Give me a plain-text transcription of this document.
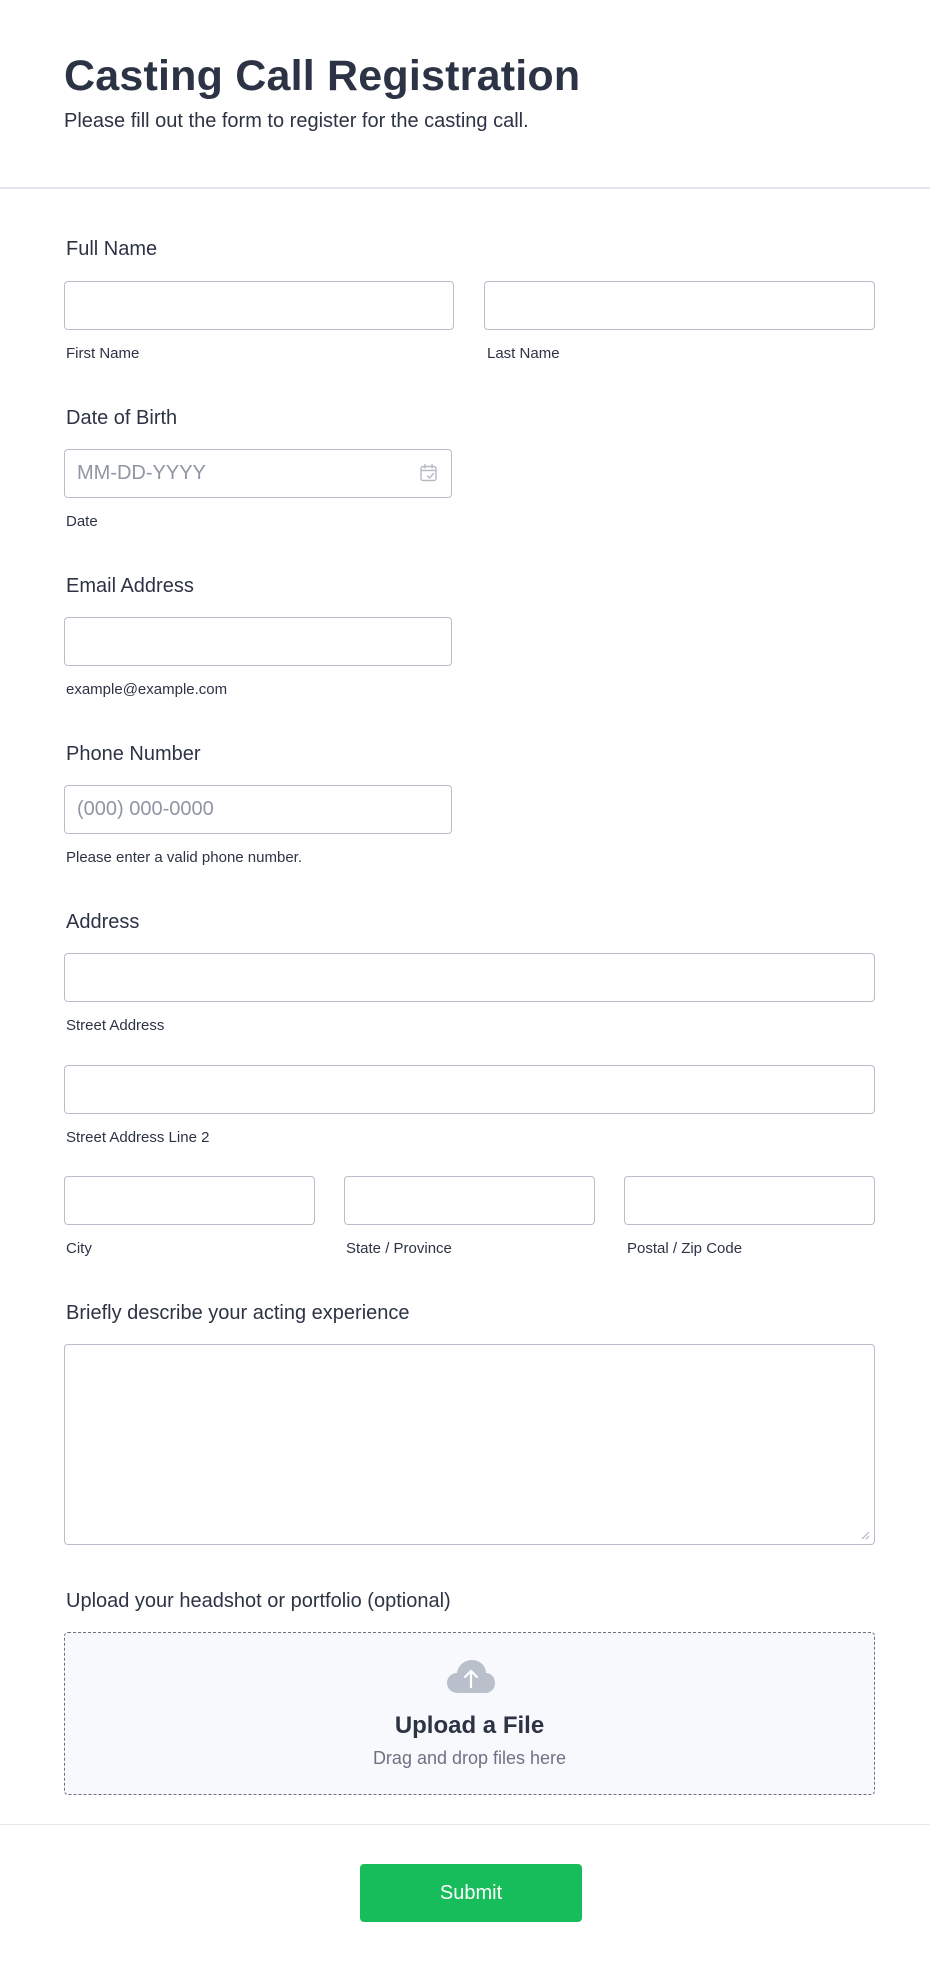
Casting Call Registration

Please fill out the form to register for the casting call.

Full Name
First Name	Last Name
Date of Birth
MM-DD-YYYY
Date
Email Address
example@example.com
Phone Number
(000) 000-0000
Please enter a valid phone number.
Address
Street Address
Street Address Line 2
City	State / Province	Postal / Zip Code
Briefly describe your acting experience
Upload your headshot or portfolio (optional)
Upload a File
Drag and drop files here
Submit
